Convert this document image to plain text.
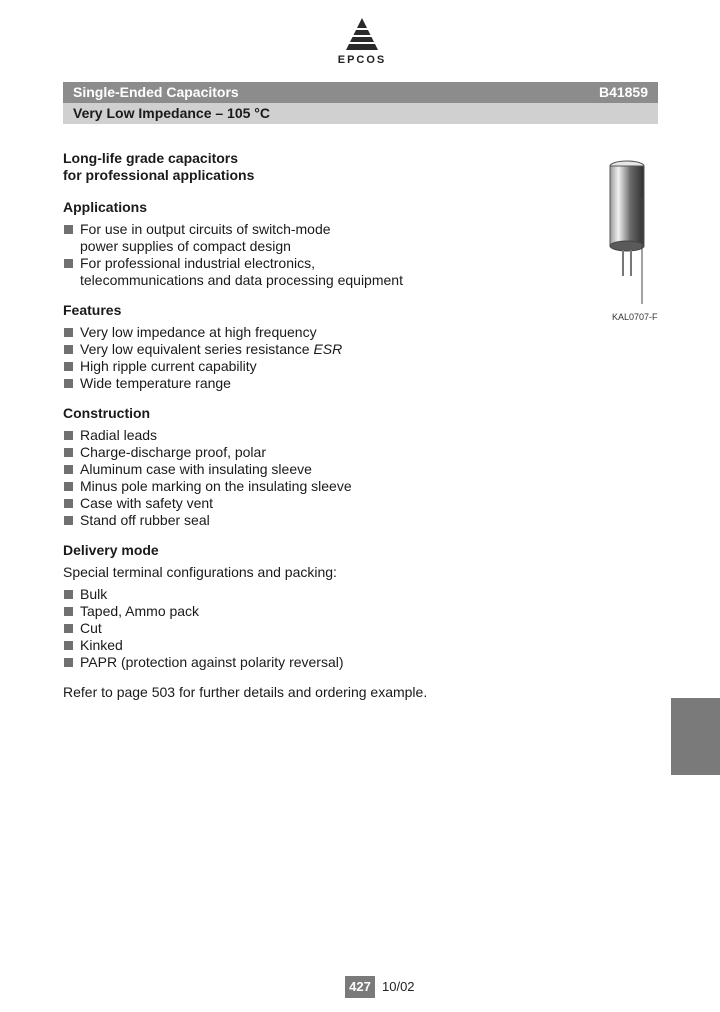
EPCOS
Single-Ended Capacitors	B41859
Very Low Impedance – 105 °C
Long-life grade capacitors
for professional applications
Applications
For use in output circuits of switch-mode
power supplies of compact design
For professional industrial electronics,
telecommunications and data processing equipment
Features
Very low impedance at high frequency
Very low equivalent series resistance ESR
High ripple current capability
Wide temperature range
Construction
Radial leads
Charge-discharge proof, polar
Aluminum case with insulating sleeve
Minus pole marking on the insulating sleeve
Case with safety vent
Stand off rubber seal
Delivery mode

Special terminal configurations and packing:

Bulk
Taped, Ammo pack
Cut
Kinked
PAPR (protection against polarity reversal)

Refer to page 503 for further details and ordering example.

KAL0707-F
427 10/02
